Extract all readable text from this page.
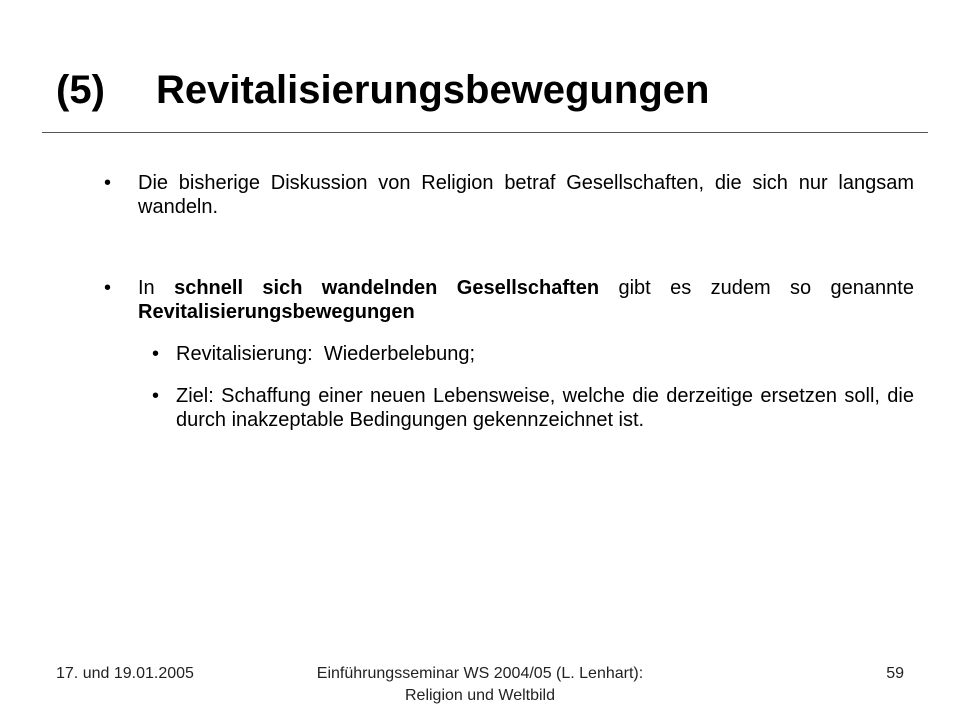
(5) Revitalisierungsbewegungen
• Die bisherige Diskussion von Religion betraf Gesellschaften, die sich nur langsam wandeln.
• In schnell sich wandelnden Gesellschaften gibt es zudem so genannte Revitalisierungsbewegungen
• Revitalisierung:  Wiederbelebung;
• Ziel: Schaffung einer neuen Lebensweise, welche die derzeitige ersetzen soll, die durch inakzeptable Bedingungen gekennzeichnet ist.
17. und 19.01.2005	Einführungsseminar WS 2004/05 (L. Lenhart):
Religion und Weltbild
59
